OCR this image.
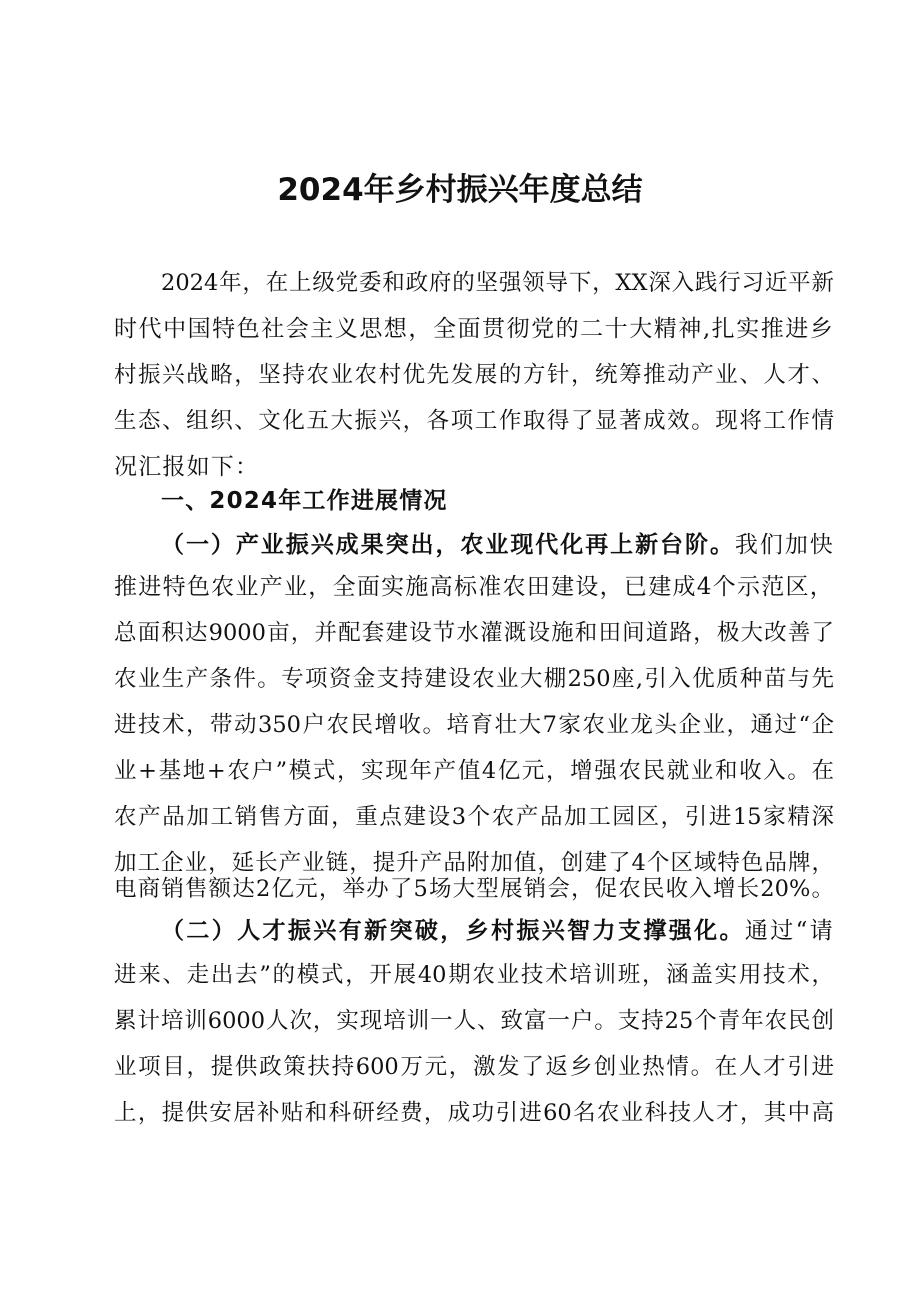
2024年乡村振兴年度总结
2024年，在上级党委和政府的坚强领导下，XX深入践行习近平新
时代中国特色社会主义思想，全面贯彻党的二十大精神,扎实推进乡
村振兴战略，坚持农业农村优先发展的方针，统筹推动产业、人才、
生态、组织、文化五大振兴，各项工作取得了显著成效。现将工作情
况汇报如下：
一、2024年工作进展情况
（一）产业振兴成果突出，农业现代化再上新台阶。我们加快
推进特色农业产业，全面实施高标准农田建设，已建成4个示范区，
总面积达9000亩，并配套建设节水灌溉设施和田间道路，极大改善了
农业生产条件。专项资金支持建设农业大棚250座,引入优质种苗与先
进技术，带动350户农民增收。培育壮大7家农业龙头企业，通过“企
业+基地+农户”模式，实现年产值4亿元，增强农民就业和收入。在
农产品加工销售方面，重点建设3个农产品加工园区，引进15家精深
加工企业，延长产业链，提升产品附加值，创建了4个区域特色品牌，
电商销售额达2亿元，举办了5场大型展销会，促农民收入增长20%。
（二）人才振兴有新突破，乡村振兴智力支撑强化。通过“请
进来、走出去”的模式，开展40期农业技术培训班，涵盖实用技术，
累计培训6000人次，实现培训一人、致富一户。支持25个青年农民创
业项目，提供政策扶持600万元，激发了返乡创业热情。在人才引进
上，提供安居补贴和科研经费，成功引进60名农业科技人才，其中高
